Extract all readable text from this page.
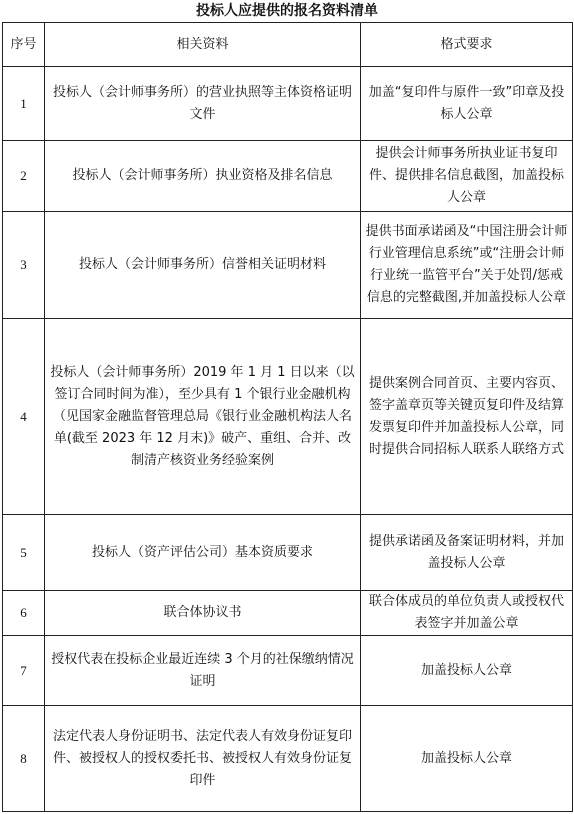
投标人应提供的报名资料清单
序号	相关资料	格式要求
1	投标人（会计师事务所）的营业执照等主体资格证明文件	加盖“复印件与原件一致”印章及投标人公章
2	投标人（会计师事务所）执业资格及排名信息	提供会计师事务所执业证书复印件、提供排名信息截图，加盖投标人公章
3	投标人（会计师事务所）信誉相关证明材料	提供书面承诺函及“中国注册会计师行业管理信息系统”或“注册会计师行业统一监管平台”关于处罚/惩戒信息的完整截图,并加盖投标人公章
4	投标人（会计师事务所）2019 年 1 月 1 日以来（以签订合同时间为准），至少具有 1 个银行业金融机构（见国家金融监督管理总局《银行业金融机构法人名单(截至 2023 年 12 月末)》破产、重组、合并、改制清产核资业务经验案例	提供案例合同首页、主要内容页、签字盖章页等关键页复印件及结算发票复印件并加盖投标人公章，同时提供合同招标人联系人联络方式
5	投标人（资产评估公司）基本资质要求	提供承诺函及备案证明材料，并加盖投标人公章
6	联合体协议书	联合体成员的单位负责人或授权代表签字并加盖公章
7	授权代表在投标企业最近连续 3 个月的社保缴纳情况证明	加盖投标人公章
8	法定代表人身份证明书、法定代表人有效身份证复印件、被授权人的授权委托书、被授权人有效身份证复印件	加盖投标人公章
